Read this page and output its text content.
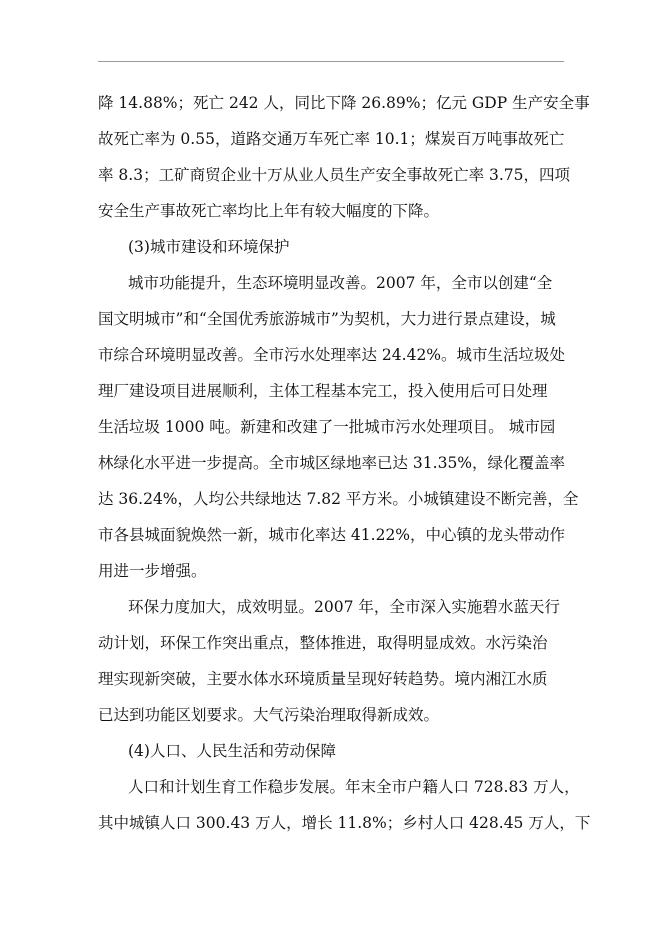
降 14.88%；死亡 242 人，同比下降 26.89%；亿元 GDP 生产安全事
故死亡率为 0.55，道路交通万车死亡率 10.1；煤炭百万吨事故死亡
率 8.3；工矿商贸企业十万从业人员生产安全事故死亡率 3.75，四项
安全生产事故死亡率均比上年有较大幅度的下降。
(3)城市建设和环境保护
城市功能提升，生态环境明显改善。2007 年，全市以创建“全
国文明城市”和“全国优秀旅游城市”为契机，大力进行景点建设，城
市综合环境明显改善。全市污水处理率达 24.42%。城市生活垃圾处
理厂建设项目进展顺利，主体工程基本完工，投入使用后可日处理
生活垃圾 1000 吨。新建和改建了一批城市污水处理项目。 城市园
林绿化水平进一步提高。全市城区绿地率已达 31.35%，绿化覆盖率
达 36.24%，人均公共绿地达 7.82 平方米。小城镇建设不断完善，全
市各县城面貌焕然一新，城市化率达 41.22%，中心镇的龙头带动作
用进一步增强。
环保力度加大，成效明显。2007 年，全市深入实施碧水蓝天行
动计划，环保工作突出重点，整体推进，取得明显成效。水污染治
理实现新突破，主要水体水环境质量呈现好转趋势。境内湘江水质
已达到功能区划要求。大气污染治理取得新成效。
(4)人口、人民生活和劳动保障
人口和计划生育工作稳步发展。年末全市户籍人口 728.83 万人，
其中城镇人口 300.43 万人，增长 11.8%；乡村人口 428.45 万人，下
